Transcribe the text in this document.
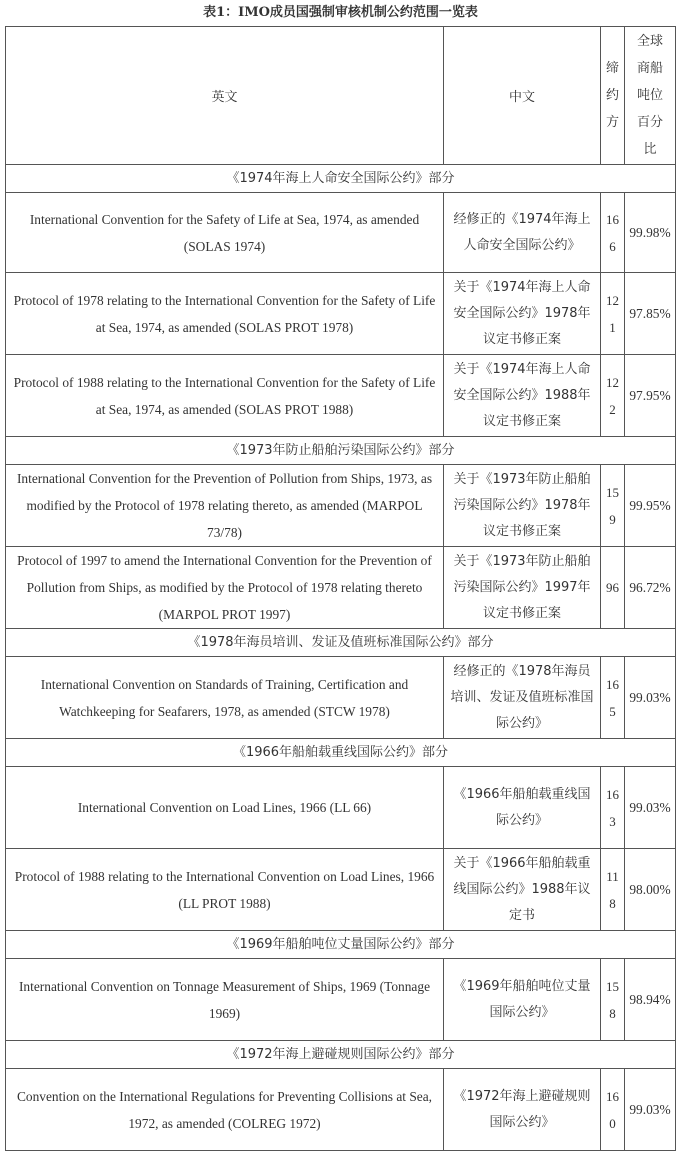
表1：IMO成员国强制审核机制公约范围一览表
英文	中文	缔约方	全球商船吨位百分比

《1974年海上人命安全国际公约》部分			
International Convention for the Safety of Life at Sea, 1974, as amended (SOLAS 1974)	经修正的《1974年海上人命安全国际公约》	166	99.98%
Protocol of 1978 relating to the International Convention for the Safety of Life at Sea, 1974, as amended (SOLAS PROT 1978)	关于《1974年海上人命安全国际公约》1978年议定书修正案	121	97.85%
Protocol of 1988 relating to the International Convention for the Safety of Life at Sea, 1974, as amended (SOLAS PROT 1988)	关于《1974年海上人命安全国际公约》1988年议定书修正案	122	97.95%
《1973年防止船舶污染国际公约》部分			
International Convention for the Prevention of Pollution from Ships, 1973, as modified by the Protocol of 1978 relating thereto, as amended (MARPOL 73/78)	关于《1973年防止船舶污染国际公约》1978年议定书修正案	159	99.95%
Protocol of 1997 to amend the International Convention for the Prevention of Pollution from Ships, as modified by the Protocol of 1978 relating thereto (MARPOL PROT 1997)	关于《1973年防止船舶污染国际公约》1997年议定书修正案	96	96.72%
《1978年海员培训、发证及值班标准国际公约》部分			
International Convention on Standards of Training, Certification and Watchkeeping for Seafarers, 1978, as amended (STCW 1978)	经修正的《1978年海员培训、发证及值班标准国际公约》	165	99.03%
《1966年船舶载重线国际公约》部分			
International Convention on Load Lines, 1966 (LL 66)	《1966年船舶载重线国际公约》	163	99.03%
Protocol of 1988 relating to the International Convention on Load Lines, 1966 (LL PROT 1988)	关于《1966年船舶载重线国际公约》1988年议定书	118	98.00%
《1969年船舶吨位丈量国际公约》部分			
International Convention on Tonnage Measurement of Ships, 1969 (Tonnage 1969)	《1969年船舶吨位丈量国际公约》	158	98.94%
《1972年海上避碰规则国际公约》部分			
Convention on the International Regulations for Preventing Collisions at Sea, 1972, as amended (COLREG 1972)	《1972年海上避碰规则国际公约》	160	99.03%
